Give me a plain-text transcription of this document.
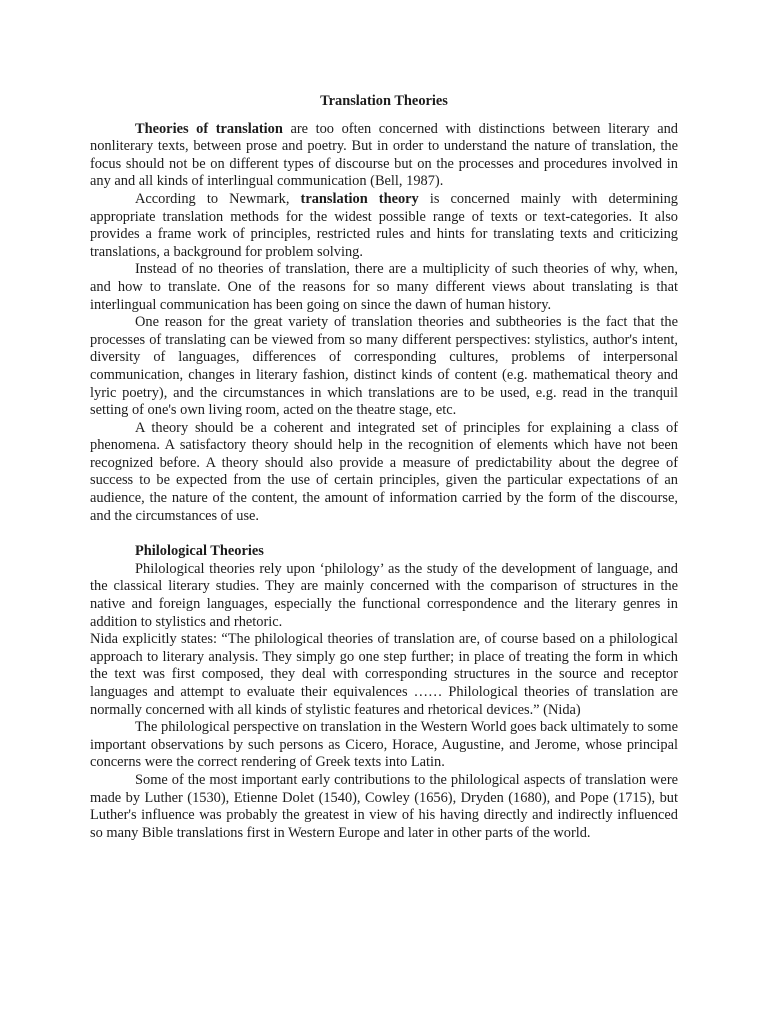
Translation Theories

Theories of translation are too often concerned with distinctions between literary and nonliterary texts, between prose and poetry. But in order to understand the nature of translation, the focus should not be on different types of discourse but on the processes and procedures involved in any and all kinds of interlingual communication (Bell, 1987).

According to Newmark, translation theory is concerned mainly with determining appropriate translation methods for the widest possible range of texts or text-categories. It also provides a frame work of principles, restricted rules and hints for translating texts and criticizing translations, a background for problem solving.

Instead of no theories of translation, there are a multiplicity of such theories of why, when, and how to translate. One of the reasons for so many different views about translating is that interlingual communication has been going on since the dawn of human history.

One reason for the great variety of translation theories and subtheories is the fact that the processes of translating can be viewed from so many different perspectives: stylistics, author's intent, diversity of languages, differences of corresponding cultures, problems of interpersonal communication, changes in literary fashion, distinct kinds of content (e.g. mathematical theory and lyric poetry), and the circumstances in which translations are to be used, e.g. read in the tranquil setting of one's own living room, acted on the theatre stage, etc.

A theory should be a coherent and integrated set of principles for explaining a class of phenomena. A satisfactory theory should help in the recognition of elements which have not been recognized before. A theory should also provide a measure of predictability about the degree of success to be expected from the use of certain principles, given the particular expectations of an audience, the nature of the content, the amount of information carried by the form of the discourse, and the circumstances of use.

Philological Theories

Philological theories rely upon ‘philology’ as the study of the development of language, and the classical literary studies. They are mainly concerned with the comparison of structures in the native and foreign languages, especially the functional correspondence and the literary genres in addition to stylistics and rhetoric.

Nida explicitly states: “The philological theories of translation are, of course based on a philological approach to literary analysis. They simply go one step further; in place of treating the form in which the text was first composed, they deal with corresponding structures in the source and receptor languages and attempt to evaluate their equivalences …… Philological theories of translation are normally concerned with all kinds of stylistic features and rhetorical devices.” (Nida)

The philological perspective on translation in the Western World goes back ultimately to some important observations by such persons as Cicero, Horace, Augustine, and Jerome, whose principal concerns were the correct rendering of Greek texts into Latin.

Some of the most important early contributions to the philological aspects of translation were made by Luther (1530), Etienne Dolet (1540), Cowley (1656), Dryden (1680), and Pope (1715), but Luther's influence was probably the greatest in view of his having directly and indirectly influenced so many Bible translations first in Western Europe and later in other parts of the world.
